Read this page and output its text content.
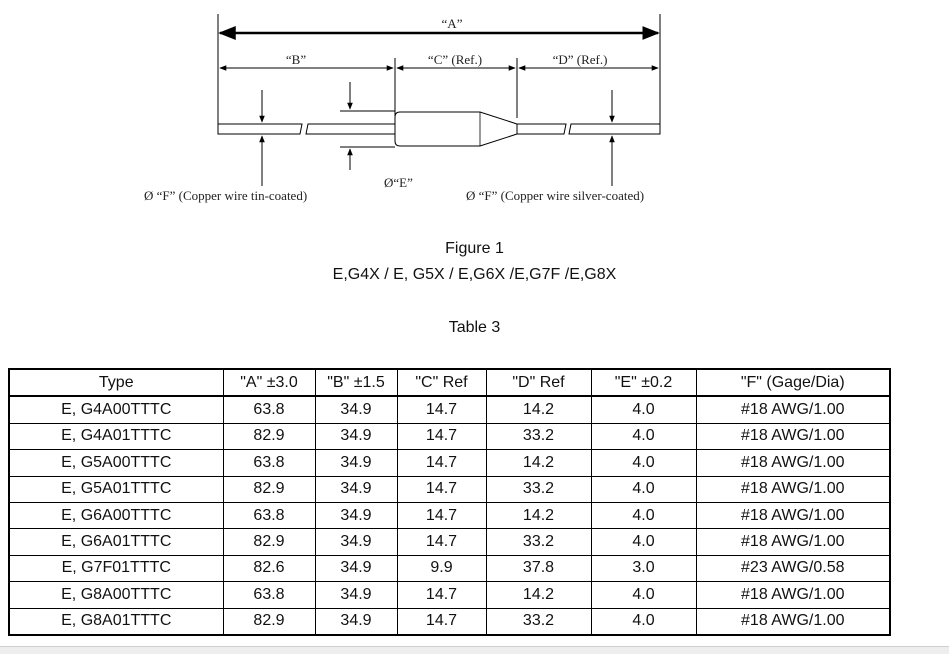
“A”
“B”	“C” (Ref.)	“D” (Ref.)
Ø“E”
Ø “F” (Copper wire tin-coated)	Ø “F” (Copper wire silver-coated)
Figure 1
E,G4X / E, G5X / E,G6X /E,G7F /E,G8X
Table 3
Type	"A" ±3.0	"B" ±1.5	"C" Ref	"D" Ref	"E" ±0.2	"F" (Gage/Dia)
E, G4A00TTTC	63.8	34.9	14.7	14.2	4.0	#18 AWG/1.00
E, G4A01TTTC	82.9	34.9	14.7	33.2	4.0	#18 AWG/1.00
E, G5A00TTTC	63.8	34.9	14.7	14.2	4.0	#18 AWG/1.00
E, G5A01TTTC	82.9	34.9	14.7	33.2	4.0	#18 AWG/1.00
E, G6A00TTTC	63.8	34.9	14.7	14.2	4.0	#18 AWG/1.00
E, G6A01TTTC	82.9	34.9	14.7	33.2	4.0	#18 AWG/1.00
E, G7F01TTTC	82.6	34.9	9.9	37.8	3.0	#23 AWG/0.58
E, G8A00TTTC	63.8	34.9	14.7	14.2	4.0	#18 AWG/1.00
E, G8A01TTTC	82.9	34.9	14.7	33.2	4.0	#18 AWG/1.00
